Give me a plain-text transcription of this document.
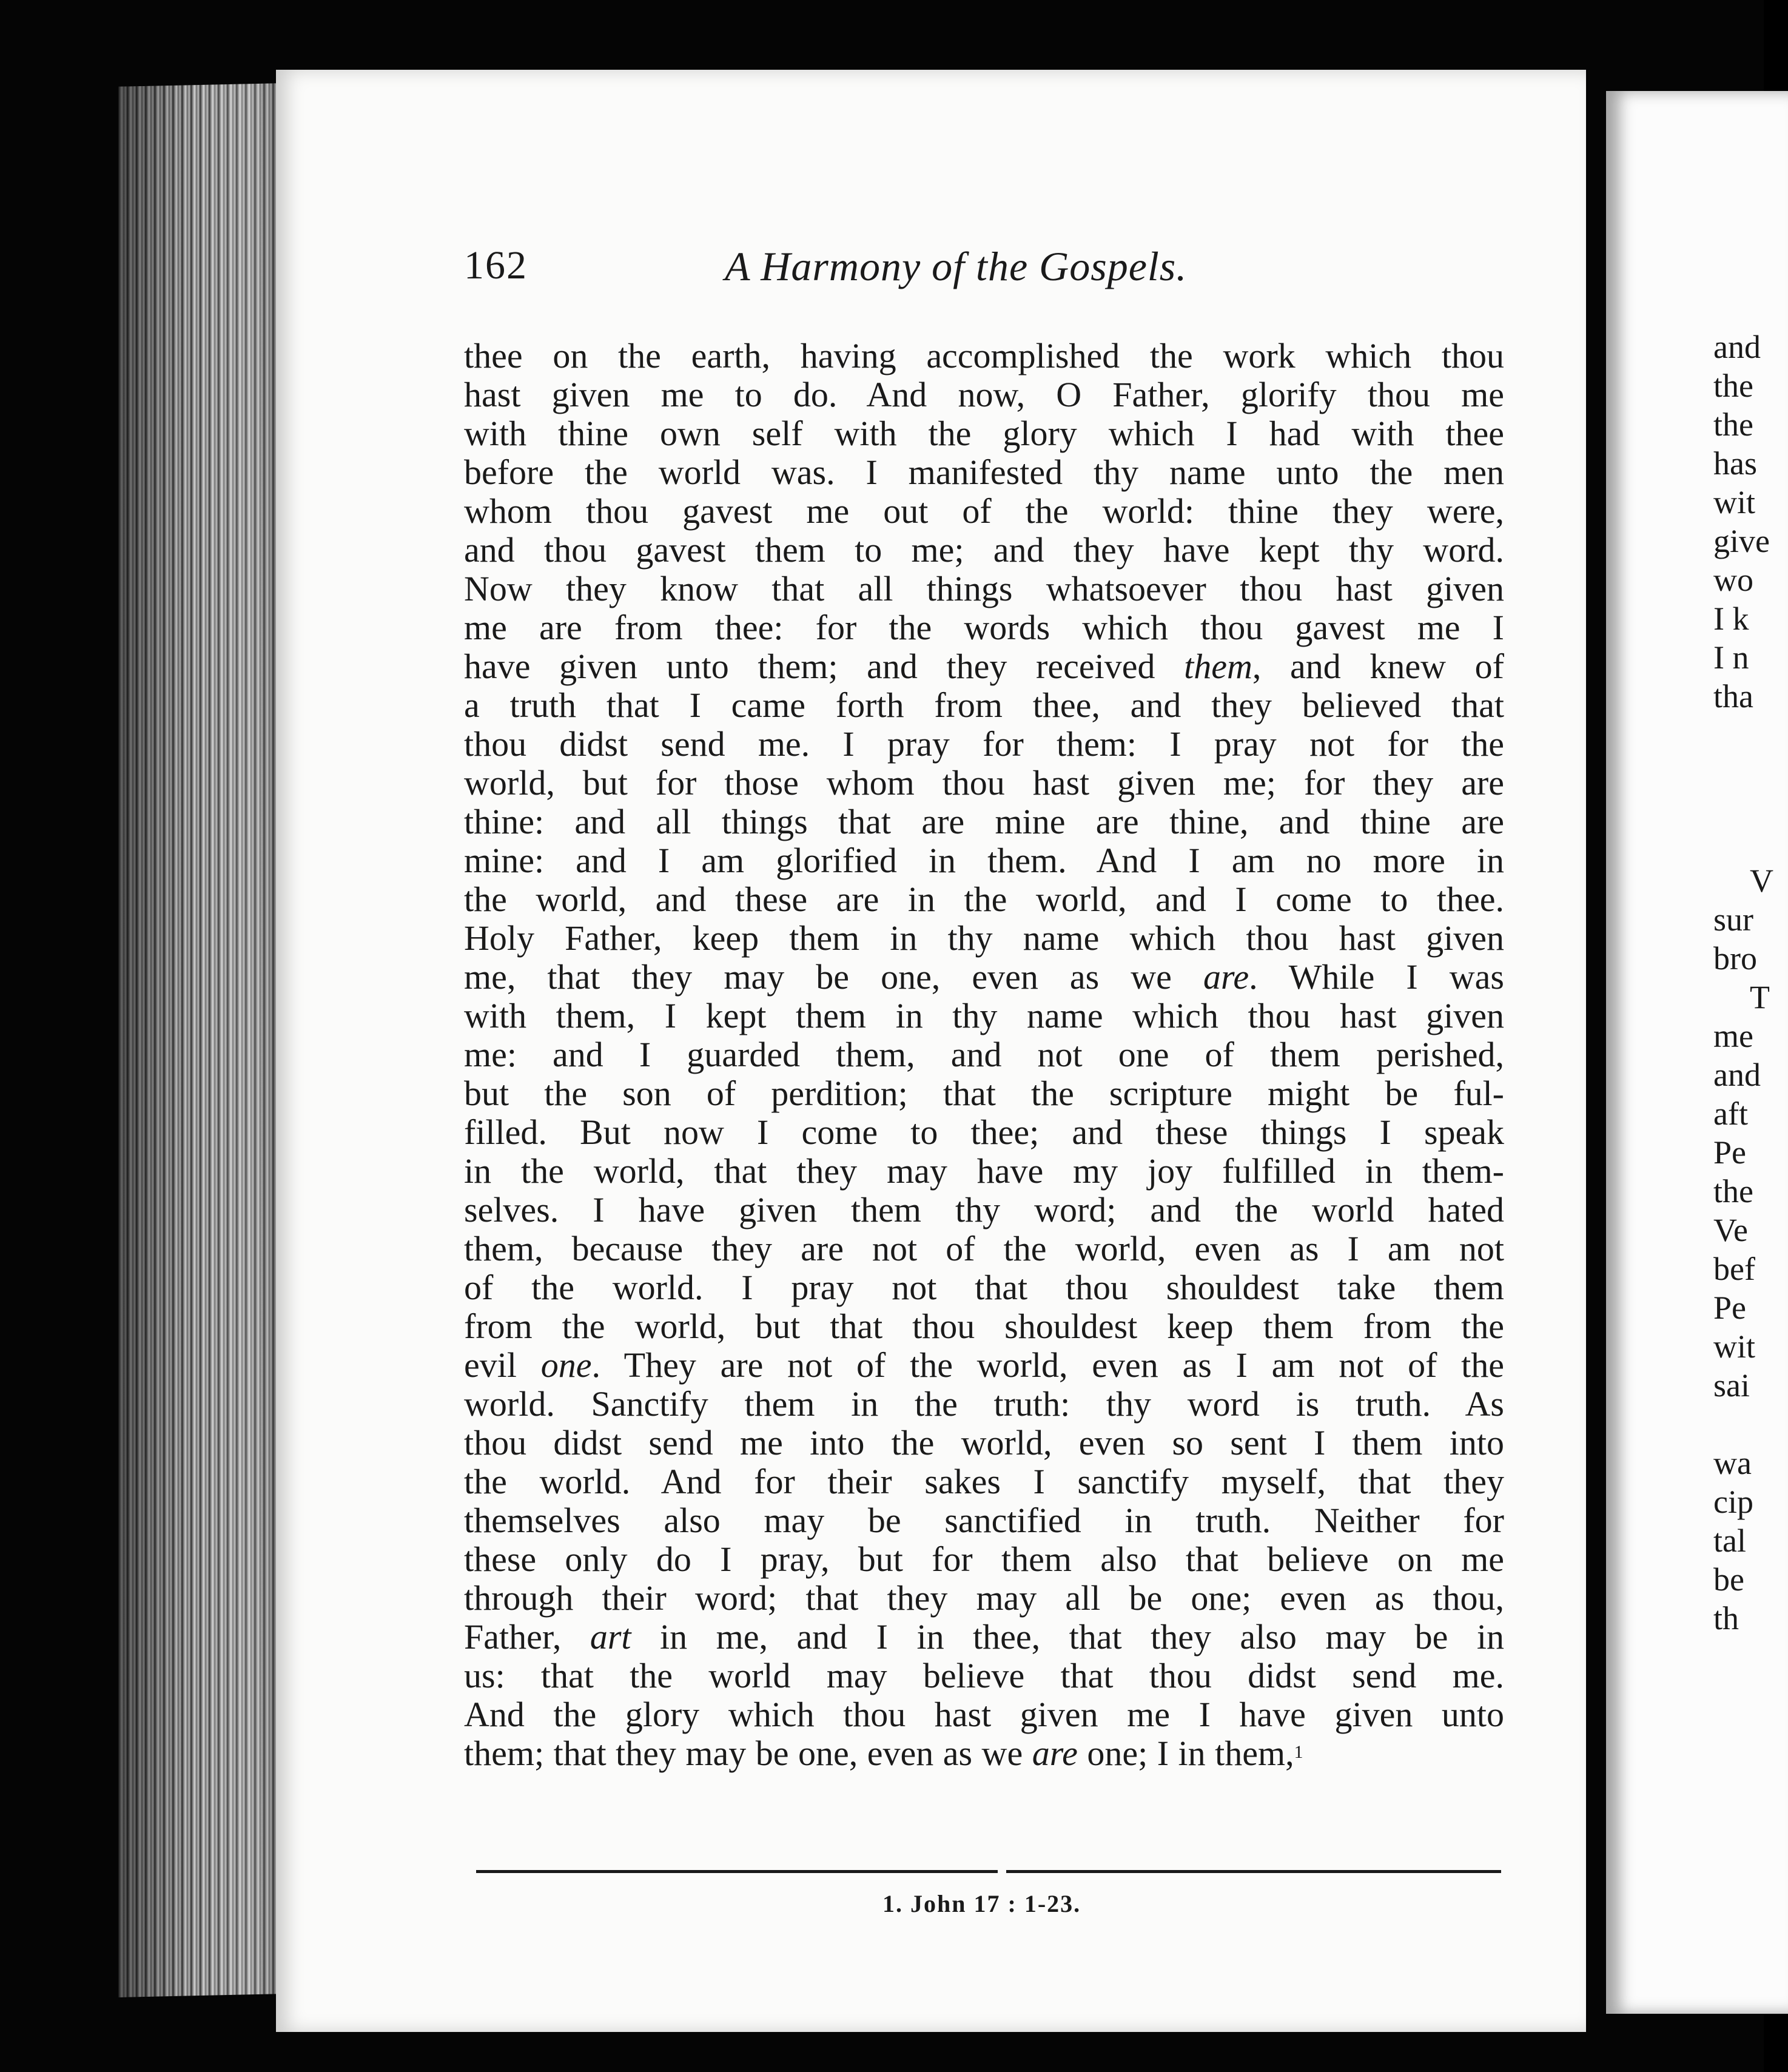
162	A Harmony of the Gospels.
thee on the earth, having accomplished the work which thou
hast given me to do. And now, O Father, glorify thou me
with thine own self with the glory which I had with thee
before the world was. I manifested thy name unto the men
whom thou gavest me out of the world: thine they were,
and thou gavest them to me; and they have kept thy word.
Now they know that all things whatsoever thou hast given
me are from thee: for the words which thou gavest me I
have given unto them; and they received them, and knew of
a truth that I came forth from thee, and they believed that
thou didst send me. I pray for them: I pray not for the
world, but for those whom thou hast given me; for they are
thine: and all things that are mine are thine, and thine are
mine: and I am glorified in them. And I am no more in
the world, and these are in the world, and I come to thee.
Holy Father, keep them in thy name which thou hast given
me, that they may be one, even as we are. While I was
with them, I kept them in thy name which thou hast given
me: and I guarded them, and not one of them perished,
but the son of perdition; that the scripture might be ful-
filled. But now I come to thee; and these things I speak
in the world, that they may have my joy fulfilled in them-
selves. I have given them thy word; and the world hated
them, because they are not of the world, even as I am not
of the world. I pray not that thou shouldest take them
from the world, but that thou shouldest keep them from the
evil one. They are not of the world, even as I am not of the
world. Sanctify them in the truth: thy word is truth. As
thou didst send me into the world, even so sent I them into
the world. And for their sakes I sanctify myself, that they
themselves also may be sanctified in truth. Neither for
these only do I pray, but for them also that believe on me
through their word; that they may all be one; even as thou,
Father, art in me, and I in thee, that they also may be in
us: that the world may believe that thou didst send me.
And the glory which thou hast given me I have given unto
them; that they may be one, even as we are one; I in them,$^1$
1. John 17 : 1-23.
and
the
the
has
wit
give
wo
I k
I n
tha
V
sur
bro
T
me
and
aft
Pe
the
Ve
bef
Pe
wit
sai
wa
cip
tal
be
th
